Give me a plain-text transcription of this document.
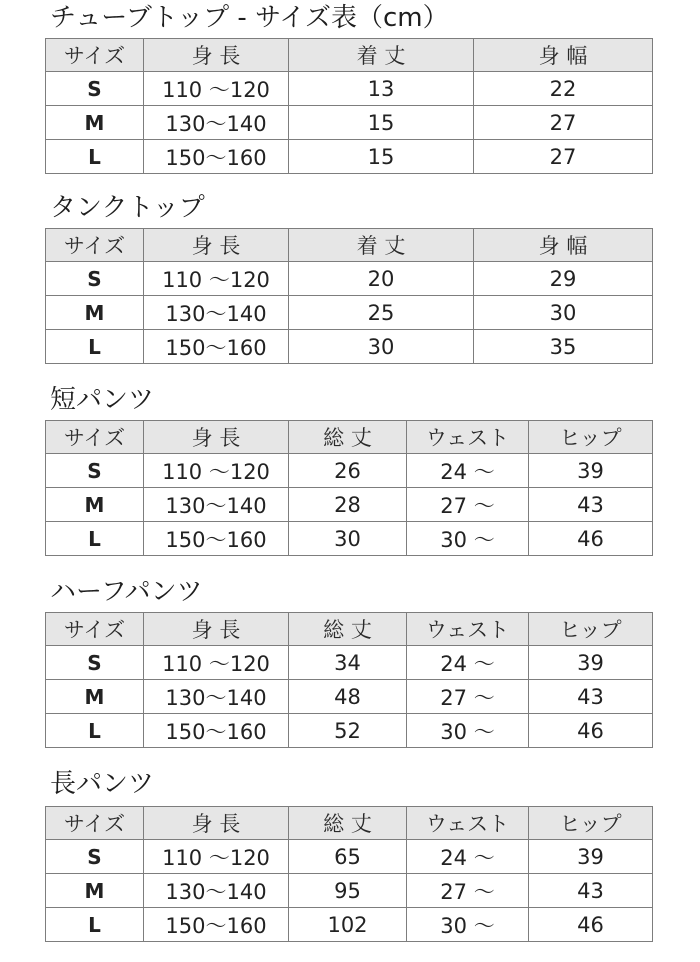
チューブトップ - サイズ表（cm）
サイズ	身 長	着 丈	身 幅
S	110 ～120	13	22
M	130～140	15	27
L	150～160	15	27
タンクトップ
サイズ	身 長	着 丈	身 幅
S	110 ～120	20	29
M	130～140	25	30
L	150～160	30	35
短パンツ
サイズ	身 長	総 丈	ウェスト	ヒップ
S	110 ～120	26	24 ～	39
M	130～140	28	27 ～	43
L	150～160	30	30 ～	46
ハーフパンツ
サイズ	身 長	総 丈	ウェスト	ヒップ
S	110 ～120	34	24 ～	39
M	130～140	48	27 ～	43
L	150～160	52	30 ～	46
長パンツ
サイズ	身 長	総 丈	ウェスト	ヒップ
S	110 ～120	65	24 ～	39
M	130～140	95	27 ～	43
L	150～160	102	30 ～	46
